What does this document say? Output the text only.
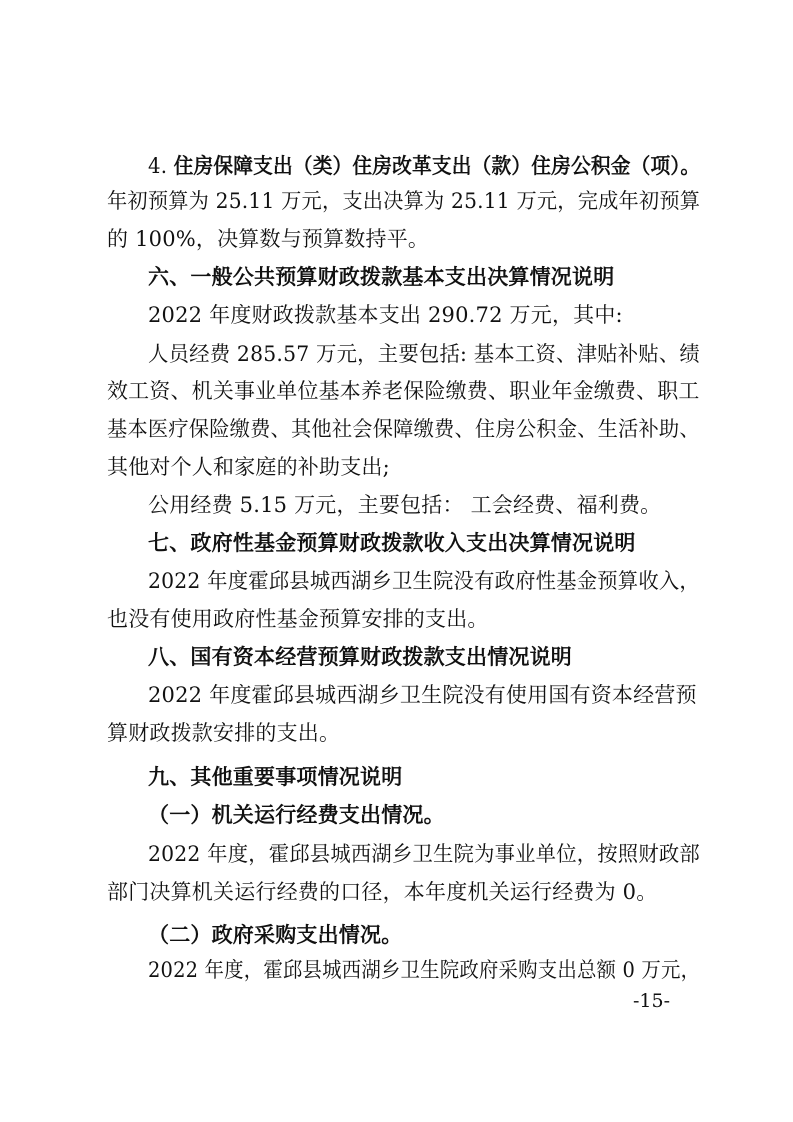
4. 住房保障支出（类）住房改革支出（款）住房公积金（项）。
年初预算为 25.11 万元，支出决算为 25.11 万元，完成年初预算
的 100%，决算数与预算数持平。
六、一般公共预算财政拨款基本支出决算情况说明
2022 年度财政拨款基本支出 290.72 万元，其中:
人员经费 285.57 万元，主要包括: 基本工资、津贴补贴、绩
效工资、机关事业单位基本养老保险缴费、职业年金缴费、职工
基本医疗保险缴费、其他社会保障缴费、住房公积金、生活补助、
其他对个人和家庭的补助支出;
公用经费 5.15 万元，主要包括： 工会经费、福利费。
七、政府性基金预算财政拨款收入支出决算情况说明
2022 年度霍邱县城西湖乡卫生院没有政府性基金预算收入，
也没有使用政府性基金预算安排的支出。
八、国有资本经营预算财政拨款支出情况说明
2022 年度霍邱县城西湖乡卫生院没有使用国有资本经营预
算财政拨款安排的支出。
九、其他重要事项情况说明
（一）机关运行经费支出情况。
2022 年度，霍邱县城西湖乡卫生院为事业单位，按照财政部
部门决算机关运行经费的口径，本年度机关运行经费为 0。
（二）政府采购支出情况。
2022 年度，霍邱县城西湖乡卫生院政府采购支出总额 0 万元，
-15-
